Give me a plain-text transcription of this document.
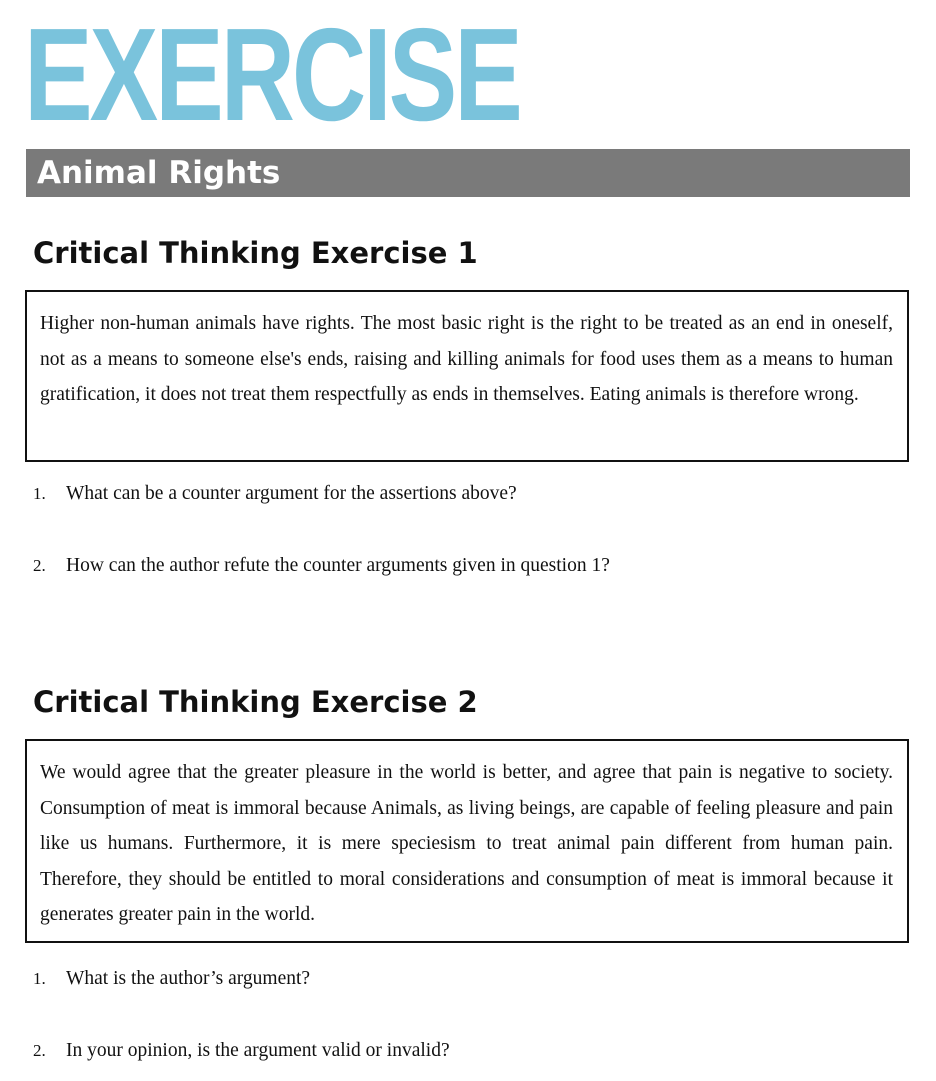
EXERCISE
Animal Rights
Critical Thinking Exercise 1

Higher non-human animals have rights. The most basic right is the right to be treated as an end in oneself, not as a means to someone else's ends, raising and killing animals for food uses them as a means to human gratification, it does not treat them respectfully as ends in themselves. Eating animals is therefore wrong.

1.	What can be a counter argument for the assertions above?
2.	How can the author refute the counter arguments given in question 1?
Critical Thinking Exercise 2

We would agree that the greater pleasure in the world is better, and agree that pain is negative to society. Consumption of meat is immoral because Animals, as living beings, are capable of feeling pleasure and pain like us humans. Furthermore, it is mere speciesism to treat animal pain different from human pain. Therefore, they should be entitled to moral considerations and consumption of meat is immoral because it generates greater pain in the world.

1.	What is the author’s argument?
2.	In your opinion, is the argument valid or invalid?
